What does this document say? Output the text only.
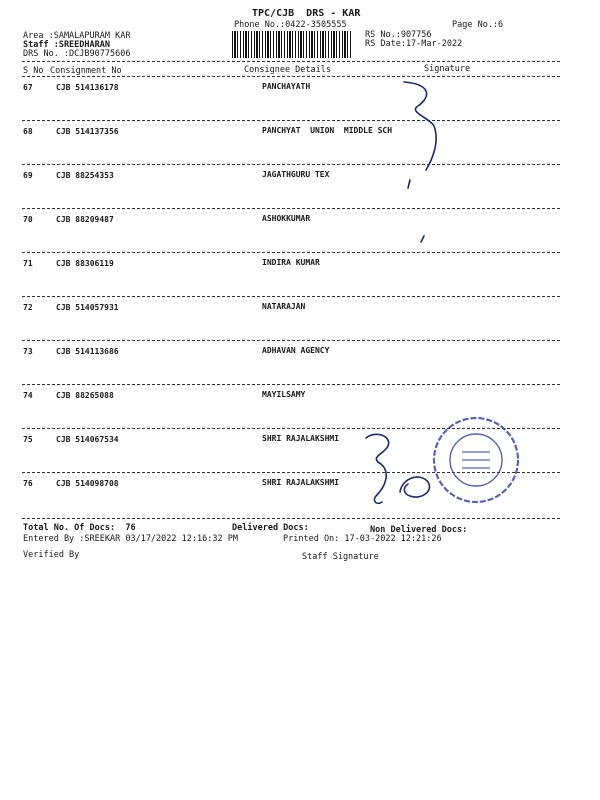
TPC/CJB  DRS - KAR
Phone No.:0422-3505555	Page No.:6
Area :SAMALAPURAM KAR
Staff :SREEDHARAN
DRS No. :DCJB90775606
RS No.:907756
RS Date:17-Mar-2022
S No Consignment No	Consignee Details	Signature
67	CJB 514136178	PANCHAYATH
68	CJB 514137356	PANCHYAT  UNION  MIDDLE SCH
69	CJB 88254353	JAGATHGURU TEX
70	CJB 88209487	ASHOKKUMAR
71	CJB 88306119	INDIRA KUMAR
72	CJB 514057931	NATARAJAN
73	CJB 514113686	ADHAVAN AGENCY
74	CJB 88265088	MAYILSAMY
75	CJB 514067534	SHRI RAJALAKSHMI
76	CJB 514098708	SHRI RAJALAKSHMI
Total No. Of Docs:  76	Delivered Docs:	Non Delivered Docs:
Entered By :SREEKAR 03/17/2022 12:16:32 PM	Printed On: 17-03-2022 12:21:26
Verified By	Staff Signature
